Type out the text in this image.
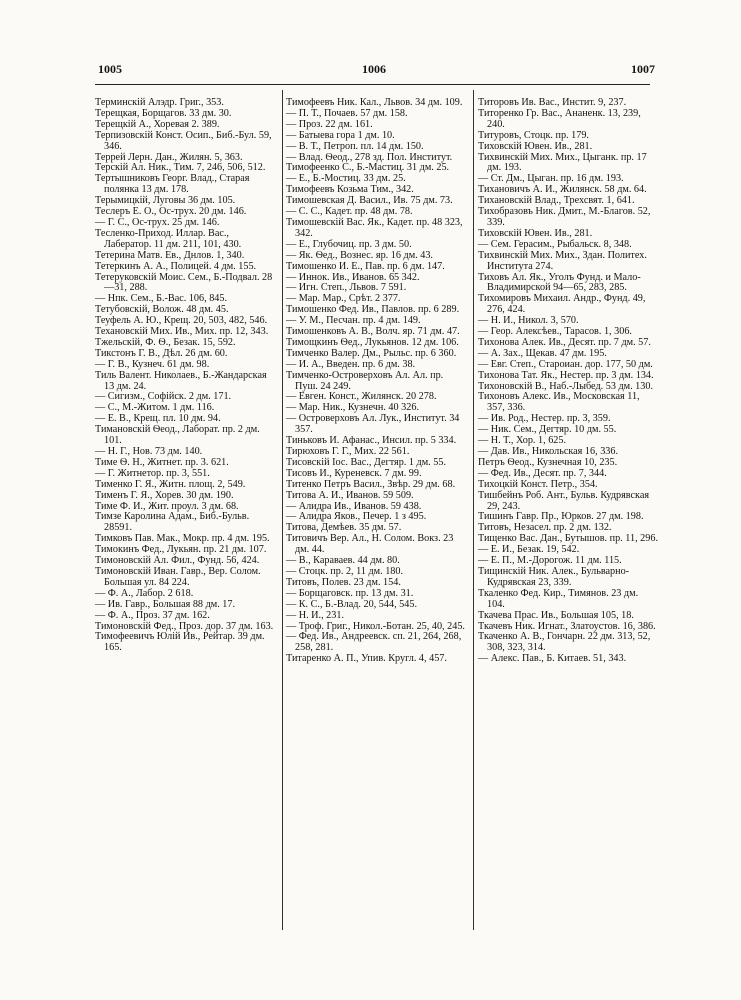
1005	1006	1007

Терминскій Алэдр. Григ., 353.

Терещкая, Борщагов. 33 дм. 30.

Терещкій А., Хоревая 2. 389.

Терпизовскій Конст. Осип., Биб.-Бул. 59, 346.

Террей Лерн. Дан., Жилян. 5, 363.

Терскій Ал. Ник., Тим. 7, 246, 506, 512.

Тертышниковъ Георг. Влад., Старая полянка 13 дм. 178.

Терымицкій, Луговы 36 дм. 105.

Теслеръ Е. О., Ос-трух. 20 дм. 146.

— Г. С., Ос-трух. 25 дм. 146.

Тесленко-Приход. Иллар. Вас., Лабератор. 11 дм. 211, 101, 430.

Тетерина Матв. Ев., Днлов. 1, 340.

Тетеркинъ А. А., Полицей. 4 дм. 155.

Тетеруковскій Моис. Сем., Б.-Подвал. 28—31, 288.

— Нпк. Сем., Б.-Вас. 106, 845.

Тетубовскій, Волож. 48 дм. 45.

Теуфель А. Ю., Крещ. 20, 503, 482, 546.

Техановскій Мих. Ив., Мих. пр. 12, 343.

Тжельскій, Ф. Ѳ., Безак. 15, 592.

Тикстонъ Г. В., Дѣл. 26 дм. 60.

— Г. В., Кузнеч. 61 дм. 98.

Тиль Валент. Николаев., Б.-Жандарская 13 дм. 24.

— Сигизм., Софійск. 2 дм. 171.

— С., М.-Житом. 1 дм. 116.

— Е. В., Крещ. пл. 10 дм. 94.

Тимановскій Ѳеод., Лаборат. пр. 2 дм. 101.

— Н. Г., Нов. 73 дм. 140.

Тиме Ѳ. Н., Житнет. пр. 3. 621.

— Г. Житнетор. пр. 3, 551.

Тименко Г. Я., Житн. площ. 2, 549.

Тименъ Г. Я., Хорев. 30 дм. 190.

Тиме Ф. И., Жит. проул. 3 дм. 68.

Тимзе Каролина Адам., Биб.-Бульв. 28591.

Тимковъ Пав. Мак., Мокр. пр. 4 дм. 195.

Тимокинъ Фед., Лукьян. пр. 21 дм. 107.

Тимоновскій Ал. Фил., Фунд. 56, 424.

Тимоновскій Иван. Гавр., Вер. Солом. Большая ул. 84 224.

— Ф. А., Лабор. 2 618.

— Ив. Гавр., Большая 88 дм. 17.

— Ф. А., Проз. 37 дм. 162.

Тимоновскій Фед., Проз. дор. 37 дм. 163.

Тимофеевичъ Юлій Ив., Рейтар. 39 дм. 165.

Тимофеевъ Ник. Кал., Львов. 34 дм. 109.

— П. Т., Почаев. 57 дм. 158.

— Проз. 22 дм. 161.

— Батыева гора 1 дм. 10.

— В. Т., Петроп. пл. 14 дм. 150.

— Влад. Ѳеод., 278 зд. Пол. Институт.

Тимофеенко С., Б.-Мастиц. 31 дм. 25.

— Е., Б.-Мостиц. 33 дм. 25.

Тимофеевъ Козьма Тим., 342.

Тимошевская Д. Васил., Ив. 75 дм. 73.

— С. С., Кадет. пр. 48 дм. 78.

Тимошевскій Вас. Як., Кадет. пр. 48 323, 342.

— Е., Глубочиц. пр. 3 дм. 50.

— Як. Ѳед., Вознес. яр. 16 дм. 43.

Тимошенко И. Е., Пав. пр. 6 дм. 147.

— Иннок. Ив., Иванов. 65 342.

— Игн. Степ., Львов. 7 591.

— Мар. Мар., Срѣт. 2 377.

Тимошенко Фед. Ив., Павлов. пр. 6 289.

— У. М., Песчан. пр. 4 дм. 149.

Тимошенковъ А. В., Волч. яр. 71 дм. 47.

Тимощкинъ Ѳед., Лукьянов. 12 дм. 106.

Тимченко Валер. Дм., Рыльс. пр. 6 360.

— И. А., Введен. пр. 6 дм. 38.

Тимченко-Островерховъ Ал. Ал. пр. Пуш. 24 249.

— Евген. Конст., Жилянск. 20 278.

— Мар. Ник., Кузнечн. 40 326.

— Островерховъ Ал. Лук., Институт. 34 357.

Тиньковъ И. Афанас., Инсил. пр. 5 334.

Тирюховъ Г. Г., Мих. 22 561.

Тисовскій Іос. Вас., Дегтяр. 1 дм. 55.

Тисовъ И., Куреневск. 7 дм. 99.

Титенко Петръ Васил., Звѣр. 29 дм. 68.

Титова А. И., Иванов. 59 509.

— Алидра Ив., Иванов. 59 438.

— Алидра Яков., Печер. 1 з 495.

Титова, Демѣев. 35 дм. 57.

Титовичъ Вер. Ал., Н. Солом. Вокз. 23 дм. 44.

— В., Караваев. 44 дм. 80.

— Стоцк. пр. 2, 11 дм. 180.

Титовъ, Полев. 23 дм. 154.

— Борщаговск. пр. 13 дм. 31.

— К. С., Б.-Влад. 20, 544, 545.

— Н. И., 231.

— Троф. Григ., Никол.-Ботан. 25, 40, 245.

— Фед. Ив., Андреевск. сп. 21, 264, 268, 258, 281.

Титаренко А. П., Упив. Кругл. 4, 457.

Титоровъ Ив. Вас., Инстит. 9, 237.

Титоренко Гр. Вас., Ананенк. 13, 239, 240.

Титуровъ, Стоцк. пр. 179.

Тиховскій Ювен. Ив., 281.

Тихвинскій Мих. Мих., Цыганк. пр. 17 дм. 193.

— Ст. Дм., Цыган. пр. 16 дм. 193.

Тихановичъ А. И., Жилянск. 58 дм. 64.

Тихановскій Влад., Трехсвят. 1, 641.

Тихобразовъ Ник. Дмит., М.-Благов. 52, 339.

Тиховскій Ювен. Ив., 281.

— Сем. Герасим., Рыбальск. 8, 348.

Тихвинскій Мих. Мих., Здан. Политех. Института 274.

Тиховъ Ал. Як., Уголъ Фунд. и Мало-Владимирской 94—65, 283, 285.

Тихомировъ Михаил. Андр., Фунд. 49, 276, 424.

— Н. И., Никол. 3, 570.

— Геор. Алексѣев., Тарасов. 1, 306.

Тихонова Алек. Ив., Десят. пр. 7 дм. 57.

— А. Зах., Щекав. 47 дм. 195.

— Евг. Степ., Староиан. дор. 177, 50 дм.

Тихонова Тат. Як., Нестер. пр. 3 дм. 134.

Тихоновскій В., Наб.-Лыбед. 53 дм. 130.

Тихоновъ Алекс. Ив., Московская 11, 357, 336.

— Ив. Род., Нестер. пр. 3, 359.

— Ник. Сем., Дегтяр. 10 дм. 55.

— Н. Т., Хор. 1, 625.

— Дав. Ив., Никольская 16, 336.

Петръ Ѳеод., Кузнечная 10, 235.

— Фед. Ив., Десят. пр. 7, 344.

Тихоцкій Конст. Петр., 354.

Тишбейнъ Роб. Ант., Бульв. Кудрявская 29, 243.

Тишинъ Гавр. Пр., Юрков. 27 дм. 198.

Титовъ, Незасел. пр. 2 дм. 132.

Тищенко Вас. Дан., Бутышов. пр. 11, 296.

— Е. И., Безак. 19, 542.

— Е. П., М.-Дорогож. 11 дм. 115.

Тищинскій Ник. Алек., Бульварно-Кудрявская 23, 339.

Ткаленко Фед. Кир., Тимянов. 23 дм. 104.

Ткачева Прас. Ив., Большая 105, 18.

Ткачевъ Ник. Игнат., Златоустов. 16, 386.

Ткаченко А. В., Гончарн. 22 дм. 313, 52, 308, 323, 314.

— Алекс. Пав., Б. Китаев. 51, 343.
